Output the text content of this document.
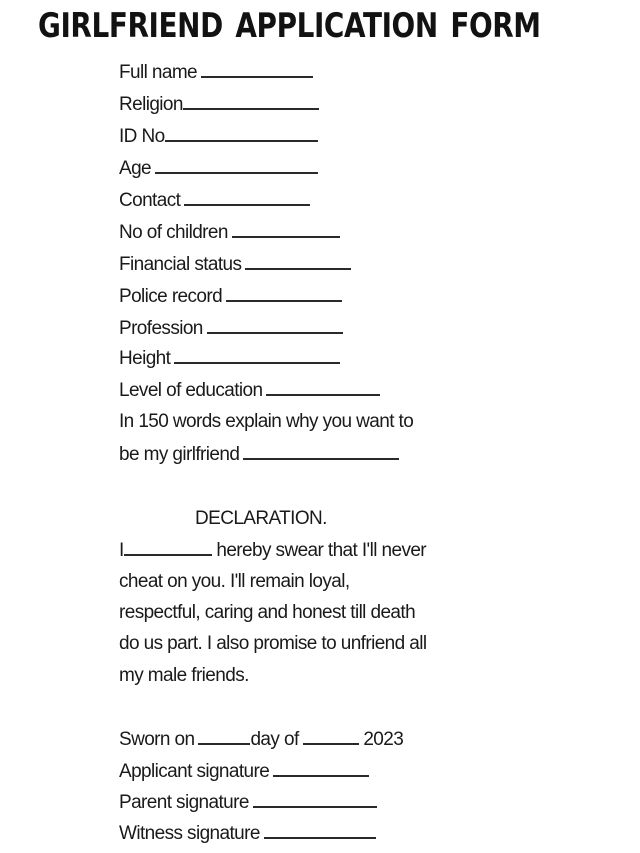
GIRLFRIEND APPLICATION FORM
Full name
Religion
ID No
Age
Contact
No of children
Financial status
Police record
Profession
Height
Level of education
In 150 words explain why you want to
be my girlfriend
DECLARATION.
I	hereby swear that I'll never
cheat on you. I'll remain loyal,
respectful, caring and honest till death
do us part. I also promise to unfriend all
my male friends.
Sworn on	day of	2023
Applicant signature
Parent signature
Witness signature
